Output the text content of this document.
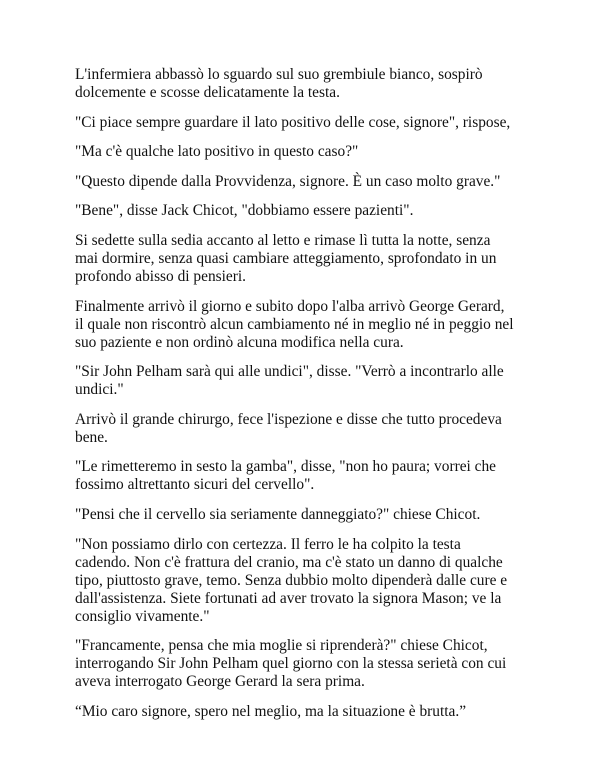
L'infermiera abbassò lo sguardo sul suo grembiule bianco, sospirò dolcemente e scosse delicatamente la testa.

"Ci piace sempre guardare il lato positivo delle cose, signore", rispose,

"Ma c'è qualche lato positivo in questo caso?"

"Questo dipende dalla Provvidenza, signore. È un caso molto grave."

"Bene", disse Jack Chicot, "dobbiamo essere pazienti".

Si sedette sulla sedia accanto al letto e rimase lì tutta la notte, senza mai dormire, senza quasi cambiare atteggiamento, sprofondato in un profondo abisso di pensieri.

Finalmente arrivò il giorno e subito dopo l'alba arrivò George Gerard, il quale non riscontrò alcun cambiamento né in meglio né in peggio nel suo paziente e non ordinò alcuna modifica nella cura.

"Sir John Pelham sarà qui alle undici", disse. "Verrò a incontrarlo alle undici."

Arrivò il grande chirurgo, fece l'ispezione e disse che tutto procedeva bene.

"Le rimetteremo in sesto la gamba", disse, "non ho paura; vorrei che fossimo altrettanto sicuri del cervello".

"Pensi che il cervello sia seriamente danneggiato?" chiese Chicot.

"Non possiamo dirlo con certezza. Il ferro le ha colpito la testa cadendo. Non c'è frattura del cranio, ma c'è stato un danno di qualche tipo, piuttosto grave, temo. Senza dubbio molto dipenderà dalle cure e dall'assistenza. Siete fortunati ad aver trovato la signora Mason; ve la consiglio vivamente."

"Francamente, pensa che mia moglie si riprenderà?" chiese Chicot, interrogando Sir John Pelham quel giorno con la stessa serietà con cui aveva interrogato George Gerard la sera prima.

“Mio caro signore, spero nel meglio, ma la situazione è brutta.”
